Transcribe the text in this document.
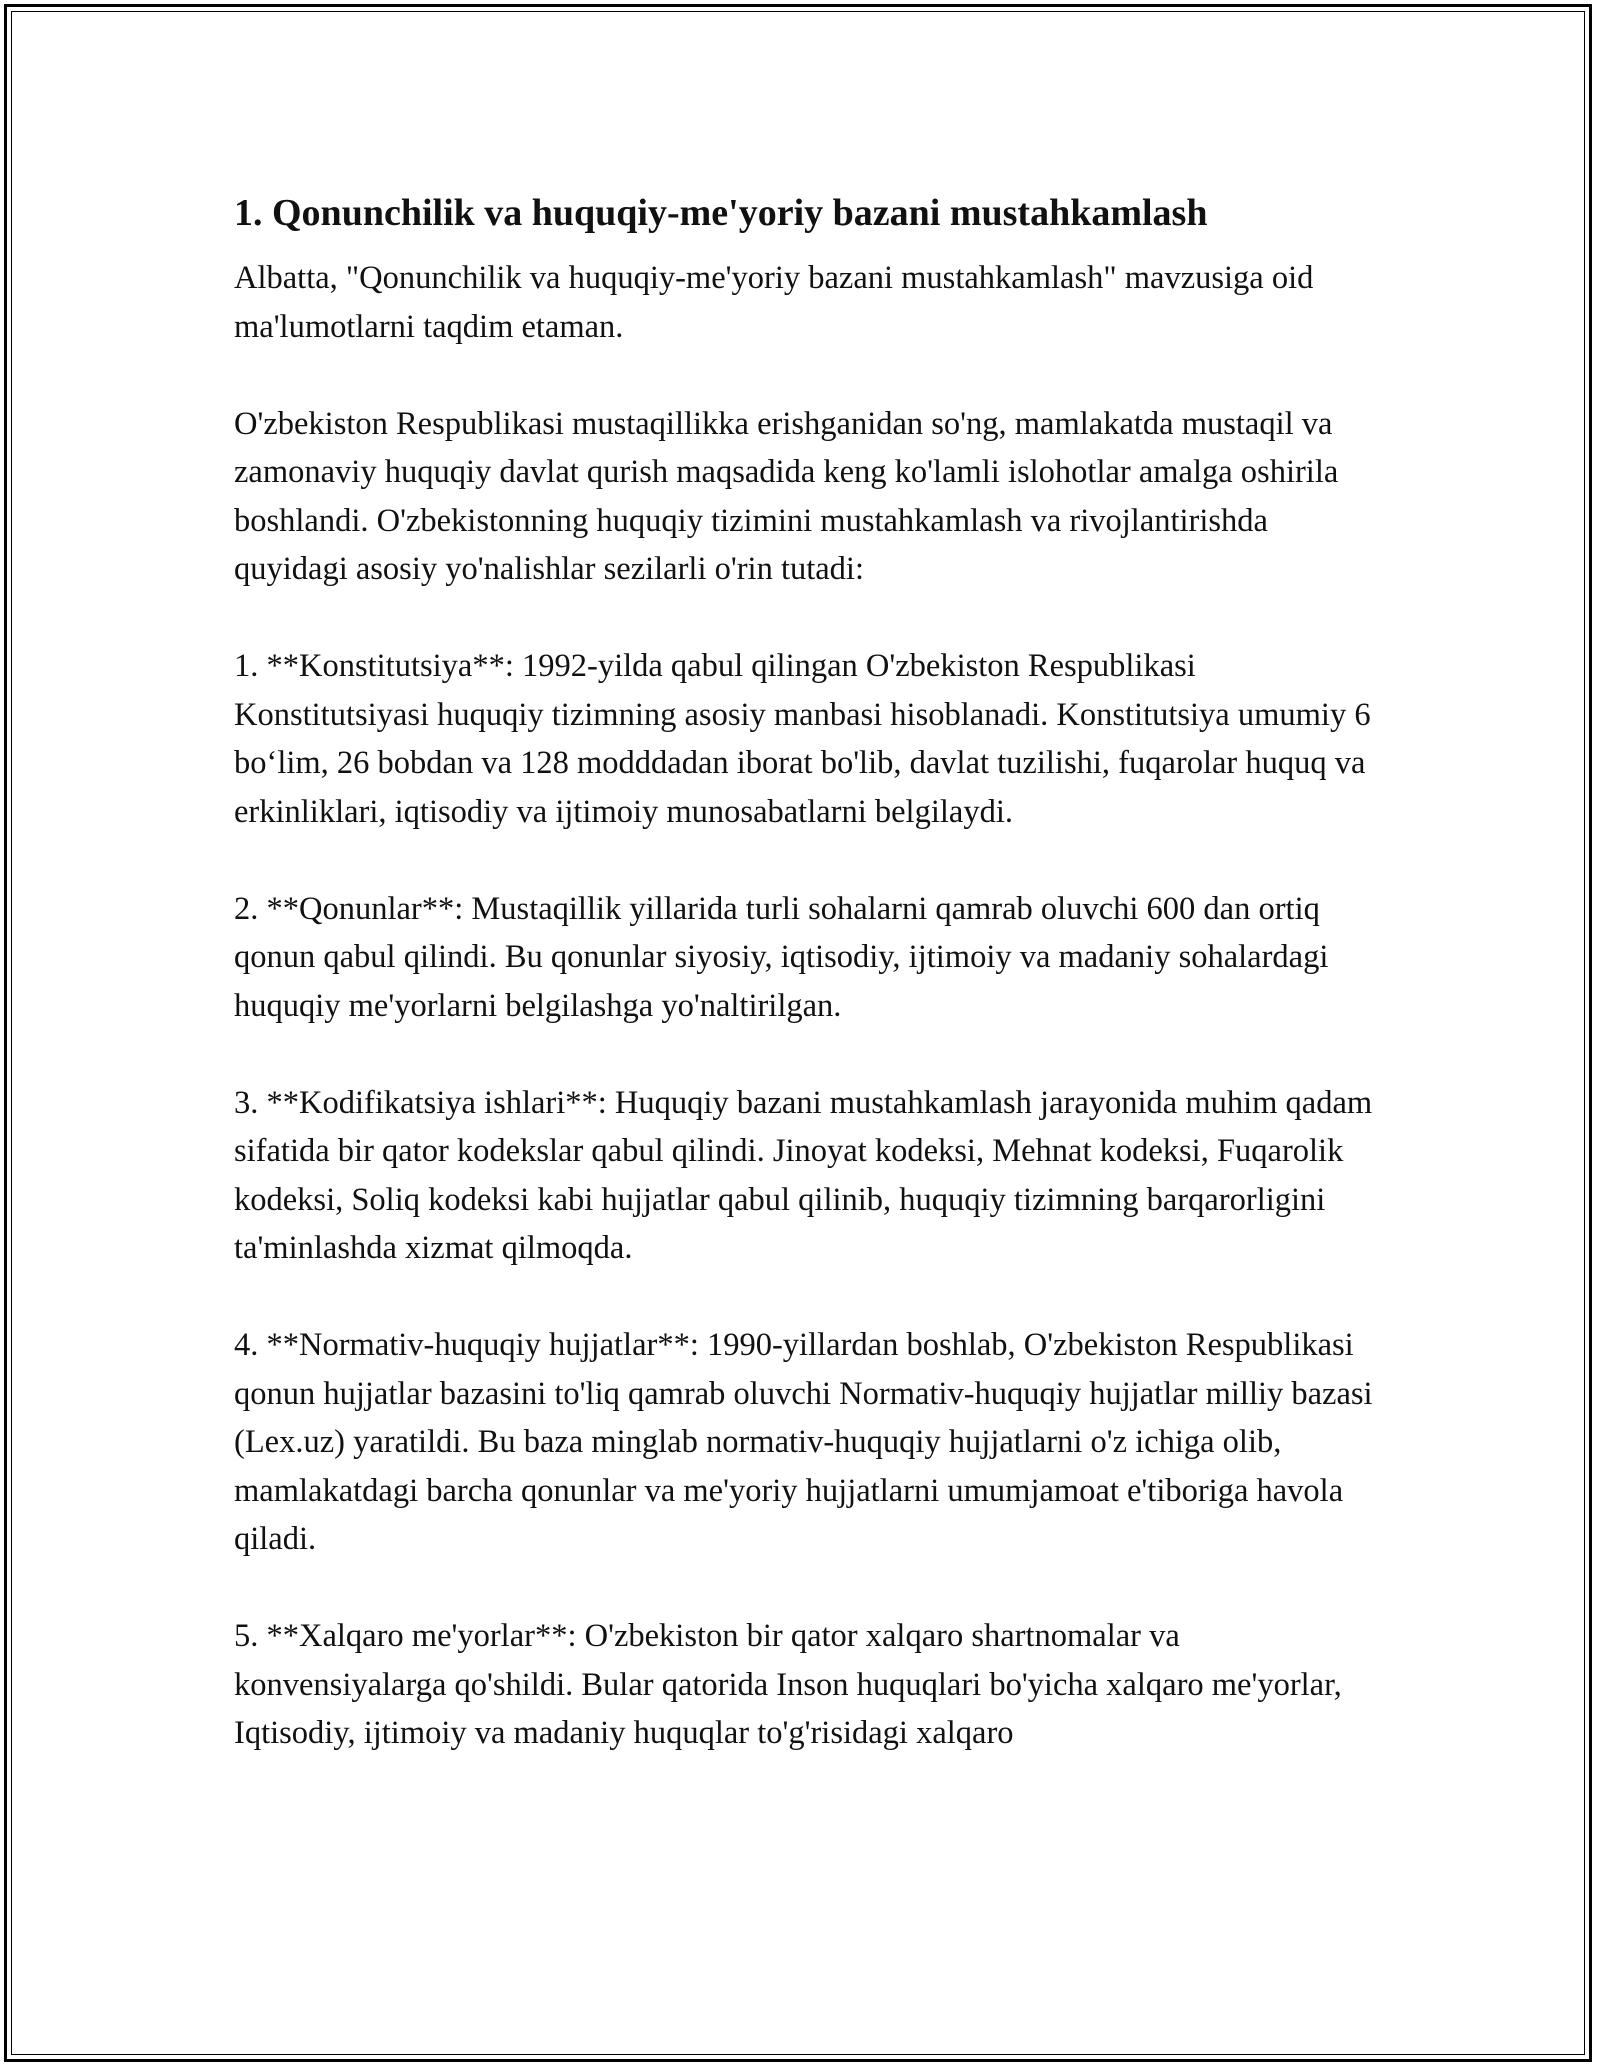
1. Qonunchilik va huquqiy-me'yoriy bazani mustahkamlash

Albatta, "Qonunchilik va huquqiy-me'yoriy bazani mustahkamlash" mavzusiga oid ma'lumotlarni taqdim etaman.

O'zbekiston Respublikasi mustaqillikka erishganidan so'ng, mamlakatda mustaqil va zamonaviy huquqiy davlat qurish maqsadida keng ko'lamli islohotlar amalga oshirila boshlandi. O'zbekistonning huquqiy tizimini mustahkamlash va rivojlantirishda quyidagi asosiy yo'nalishlar sezilarli o'rin tutadi:

1. **Konstitutsiya**: 1992-yilda qabul qilingan O'zbekiston Respublikasi Konstitutsiyasi huquqiy tizimning asosiy manbasi hisoblanadi. Konstitutsiya umumiy 6 bo‘lim, 26 bobdan va 128 modddadan iborat bo'lib, davlat tuzilishi, fuqarolar huquq va erkinliklari, iqtisodiy va ijtimoiy munosabatlarni belgilaydi.

2. **Qonunlar**: Mustaqillik yillarida turli sohalarni qamrab oluvchi 600 dan ortiq qonun qabul qilindi. Bu qonunlar siyosiy, iqtisodiy, ijtimoiy va madaniy sohalardagi huquqiy me'yorlarni belgilashga yo'naltirilgan.

3. **Kodifikatsiya ishlari**: Huquqiy bazani mustahkamlash jarayonida muhim qadam sifatida bir qator kodekslar qabul qilindi. Jinoyat kodeksi, Mehnat kodeksi, Fuqarolik kodeksi, Soliq kodeksi kabi hujjatlar qabul qilinib, huquqiy tizimning barqarorligini ta'minlashda xizmat qilmoqda.

4. **Normativ-huquqiy hujjatlar**: 1990-yillardan boshlab, O'zbekiston Respublikasi qonun hujjatlar bazasini to'liq qamrab oluvchi Normativ-huquqiy hujjatlar milliy bazasi (Lex.uz) yaratildi. Bu baza minglab normativ-huquqiy hujjatlarni o'z ichiga olib, mamlakatdagi barcha qonunlar va me'yoriy hujjatlarni umumjamoat e'tiboriga havola qiladi.

5. **Xalqaro me'yorlar**: O'zbekiston bir qator xalqaro shartnomalar va konvensiyalarga qo'shildi. Bular qatorida Inson huquqlari bo'yicha xalqaro me'yorlar, Iqtisodiy, ijtimoiy va madaniy huquqlar to'g'risidagi xalqaro
